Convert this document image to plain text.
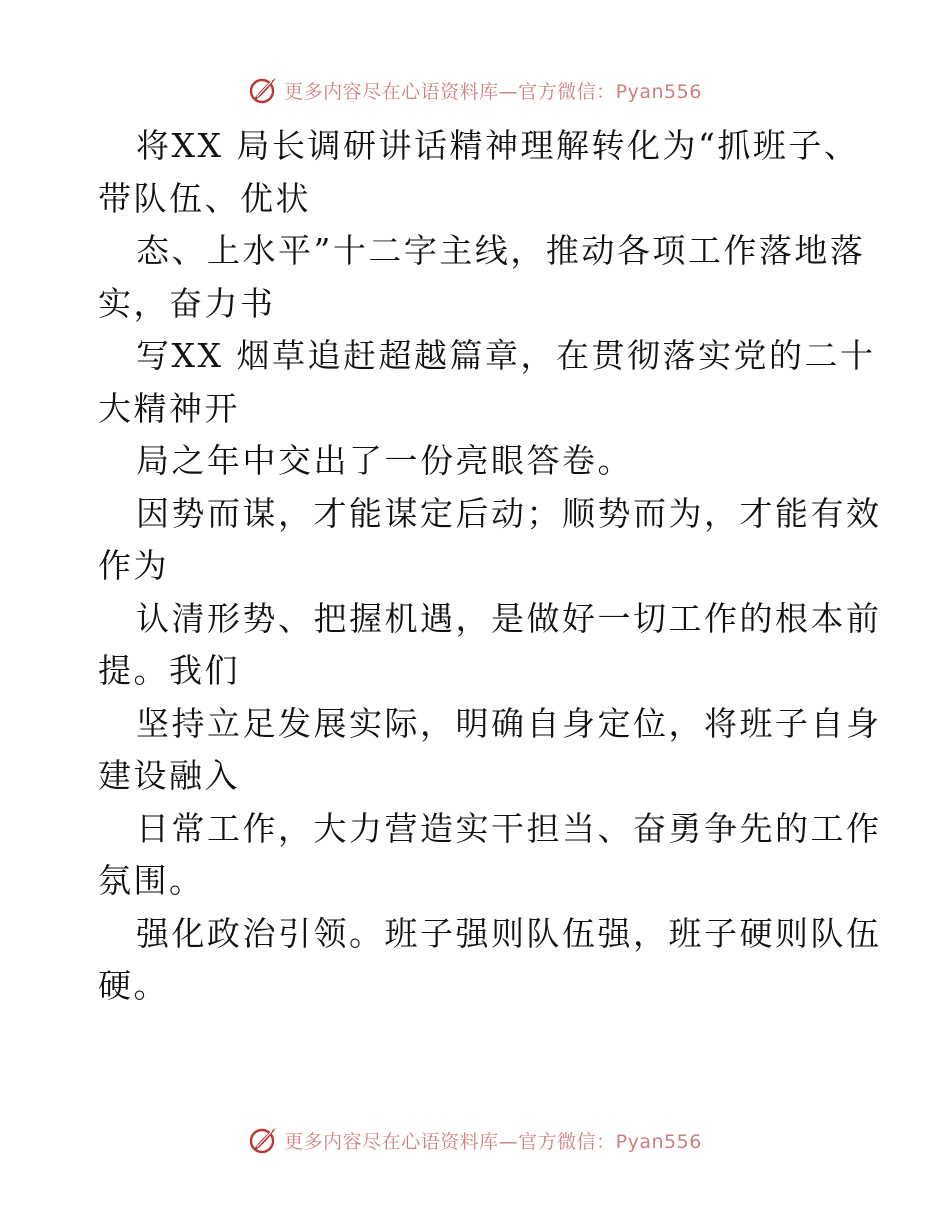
更多内容尽在心语资料库—官方微信：Pyan556
将XX 局长调研讲话精神理解转化为“抓班子、
带队伍、优状
态、上水平”十二字主线，推动各项工作落地落
实，奋力书
写XX 烟草追赶超越篇章，在贯彻落实党的二十
大精神开
局之年中交出了一份亮眼答卷。
因势而谋，才能谋定后动；顺势而为，才能有效
作为
认清形势、把握机遇，是做好一切工作的根本前
提。我们
坚持立足发展实际，明确自身定位，将班子自身
建设融入
日常工作，大力营造实干担当、奋勇争先的工作
氛围。
强化政治引领。班子强则队伍强，班子硬则队伍
硬。
更多内容尽在心语资料库—官方微信：Pyan556
